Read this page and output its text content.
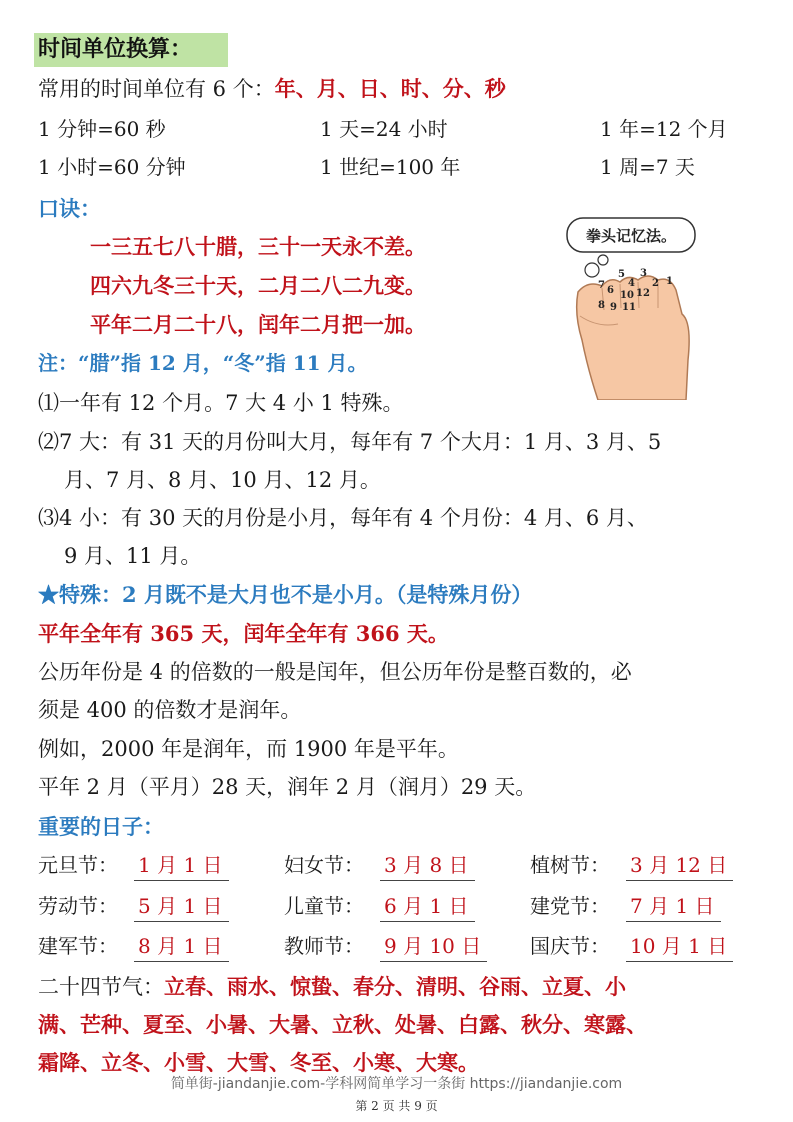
时间单位换算：
常用的时间单位有 6 个：年、月、日、时、分、秒
1 分钟=60 秒	1 天=24 小时	1 年=12 个月
1 小时=60 分钟	1 世纪=100 年	1 周=7 天
口诀：
一三五七八十腊，三十一天永不差。
四六九冬三十天，二月二八二九变。
平年二月二十八，闰年二月把一加。
注：“腊”指 12 月，“冬”指 11 月。
拳头记忆法。
7 6
8 9
5
4
10
11
3
12
2 1
⑴一年有 12 个月。7 大 4 小 1 特殊。
⑵7 大：有 31 天的月份叫大月，每年有 7 个大月：1 月、3 月、5
月、7 月、8 月、10 月、12 月。
⑶4 小：有 30 天的月份是小月，每年有 4 个月份：4 月、6 月、
9 月、11 月。
★特殊：2 月既不是大月也不是小月。（是特殊月份）
平年全年有 365 天，闰年全年有 366 天。
公历年份是 4 的倍数的一般是闰年，但公历年份是整百数的，必
须是 400 的倍数才是润年。
例如，2000 年是润年，而 1900 年是平年。
平年 2 月（平月）28 天，润年 2 月（润月）29 天。
重要的日子：
元旦节： 1 月 1 日	妇女节： 3 月 8 日	植树节： 3 月 12 日
劳动节： 5 月 1 日	儿童节： 6 月 1 日	建党节： 7 月 1 日
建军节： 8 月 1 日	教师节： 9 月 10 日	国庆节： 10 月 1 日
二十四节气：立春、雨水、惊蛰、春分、清明、谷雨、立夏、小
满、芒种、夏至、小暑、大暑、立秋、处暑、白露、秋分、寒露、
霜降、立冬、小雪、大雪、冬至、小寒、大寒。
简单街-jiandanjie.com-学科网简单学习一条街 https://jiandanjie.com
第 2 页 共 9 页
